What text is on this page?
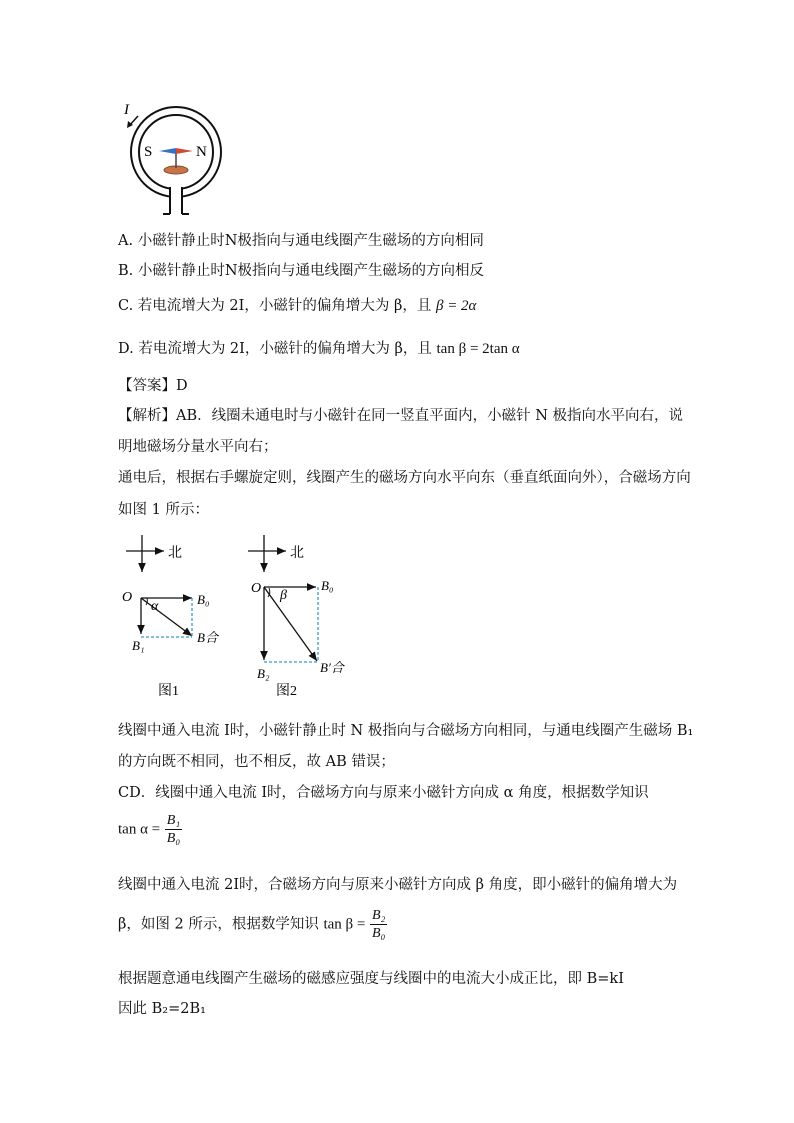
I
S	N
A. 小磁针静止时N极指向与通电线圈产生磁场的方向相同
B. 小磁针静止时N极指向与通电线圈产生磁场的方向相反
C. 若电流增大为 2I，小磁针的偏角增大为 β，且 β = 2α
D. 若电流增大为 2I，小磁针的偏角增大为 β，且 tan β = 2tan α
【答案】D
【解析】AB．线圈未通电时与小磁针在同一竖直平面内，小磁针 N 极指向水平向右，说
明地磁场分量水平向右；
通电后，根据右手螺旋定则，线圈产生的磁场方向水平向东（垂直纸面向外），合磁场方向
如图 1 所示：
北
O
α	B₀
B₁
B合
图1
北
O β
B₀
B₂	B′合
图2
线圈中通入电流 I时，小磁针静止时 N 极指向与合磁场方向相同，与通电线圈产生磁场 B₁
的方向既不相同，也不相反，故 AB 错误；
CD．线圈中通入电流 I时，合磁场方向与原来小磁针方向成 α 角度，根据数学知识
$\tan \alpha = \frac{\text{B₁}}{\text{B₀}}$
线圈中通入电流 2I时，合磁场方向与原来小磁针方向成 β 角度，即小磁针的偏角增大为
β，如图 2 所示，根据数学知识 $\tan \beta = \frac{\text{B₂}}{\text{B₀}}$
根据题意通电线圈产生磁场的磁感应强度与线圈中的电流大小成正比，即 B=kI
因此 B₂=2B₁
